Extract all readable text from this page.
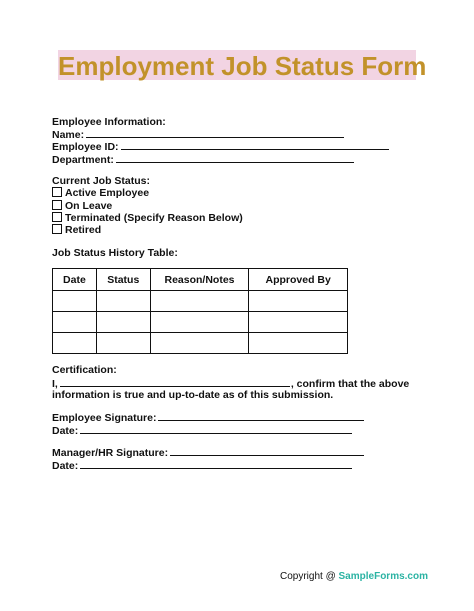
Employment Job Status Form
Employee Information:
Name:
Employee ID:
Department:
Current Job Status:
Active Employee
On Leave
Terminated (Specify Reason Below)
Retired
Job Status History Table:
Date	Status	Reason/Notes	Approved By

Certification:
I,	, confirm that the above
information is true and up-to-date as of this submission.
Employee Signature:
Date:
Manager/HR Signature:
Date:
Copyright @ SampleForms.com
